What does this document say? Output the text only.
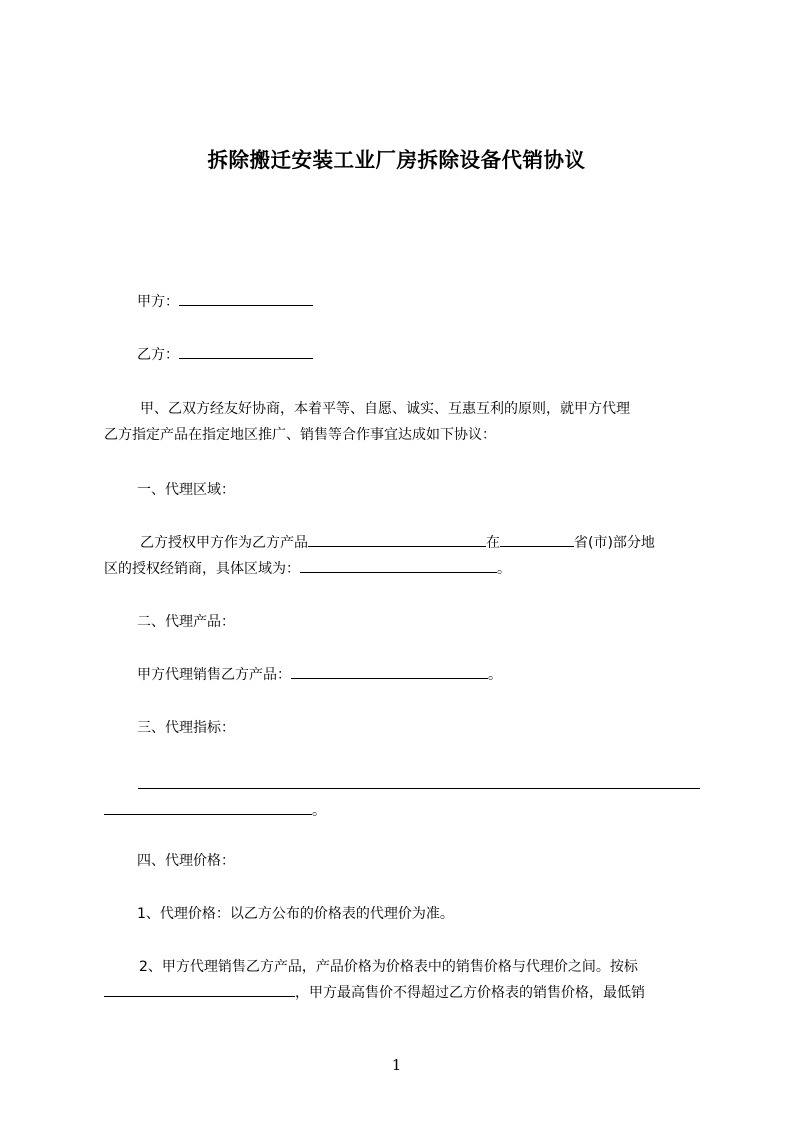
拆除搬迁安装工业厂房拆除设备代销协议
甲方：
乙方：
甲、乙双方经友好协商，本着平等、自愿、诚实、互惠互利的原则，就甲方代理
乙方指定产品在指定地区推广、销售等合作事宜达成如下协议：
一、代理区域：
乙方授权甲方作为乙方产品	在	省(市)部分地
区的授权经销商，具体区域为：	。
二、代理产品：
甲方代理销售乙方产品：	。
三、代理指标：
。
四、代理价格：
1、代理价格：以乙方公布的价格表的代理价为准。
2、甲方代理销售乙方产品，产品价格为价格表中的销售价格与代理价之间。按标
，甲方最高售价不得超过乙方价格表的销售价格，最低销
1
